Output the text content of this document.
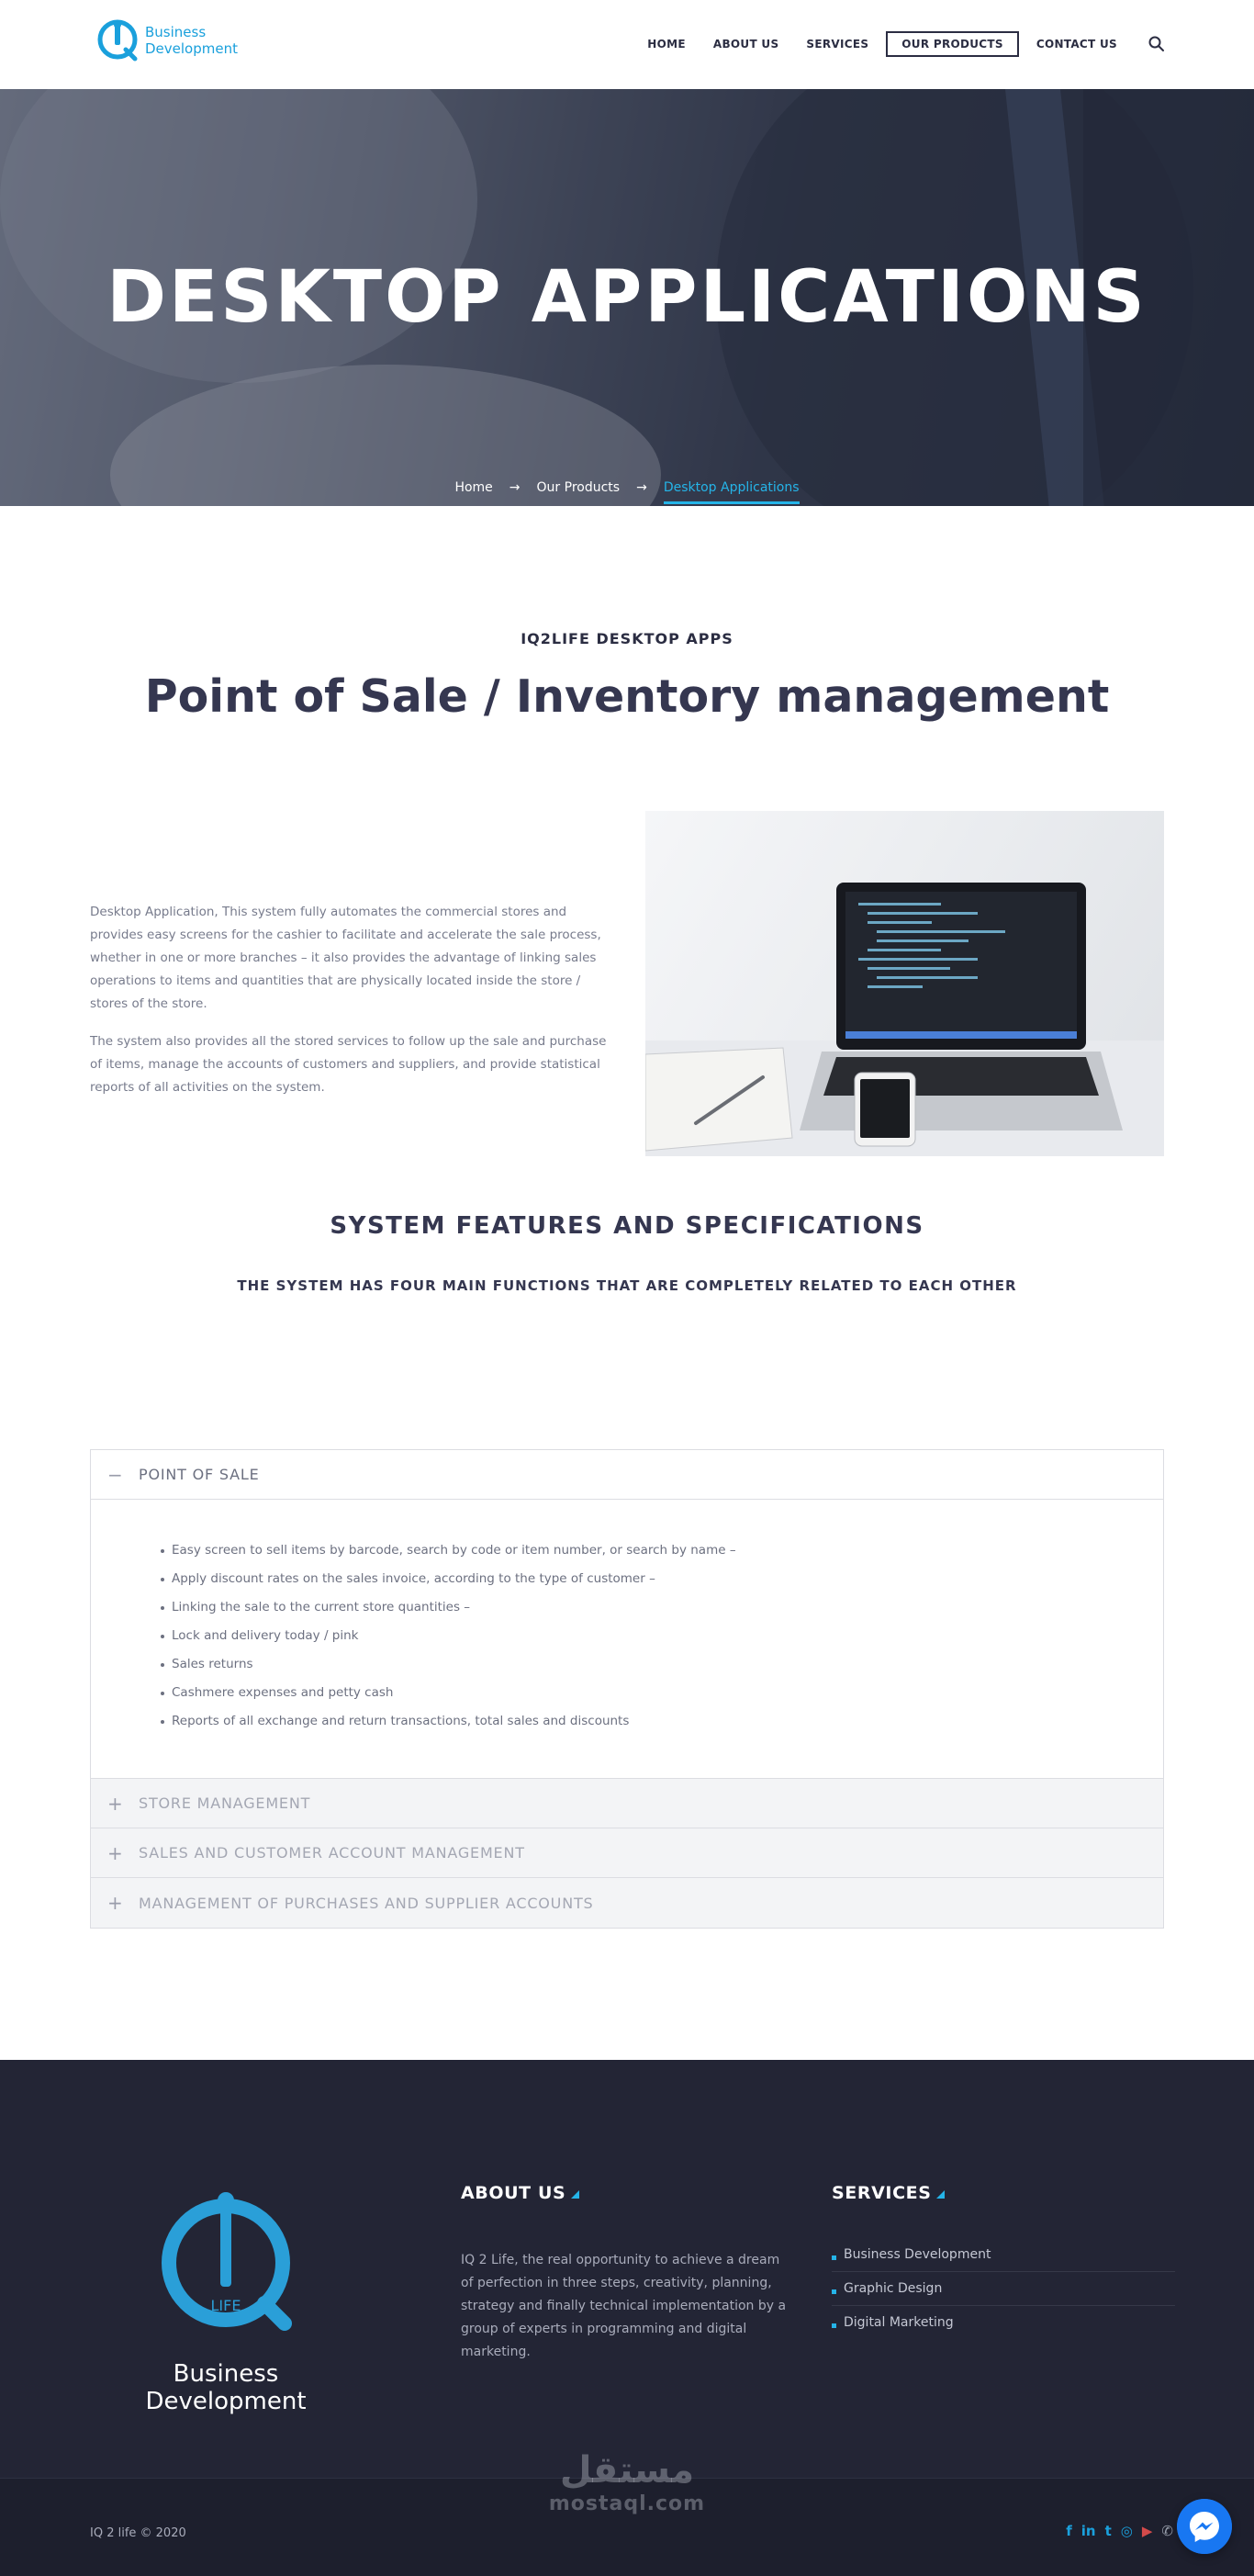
Business
Development	HOME	ABOUT US	SERVICES	OUR PRODUCTS	CONTACT US
DESKTOP APPLICATIONS
Home → Our Products → Desktop Applications
IQ2LIFE DESKTOP APPS
Point of Sale / Inventory management

Desktop Application, This system fully automates the commercial stores and provides easy screens for the cashier to facilitate and accelerate the sale process, whether in one or more branches – it also provides the advantage of linking sales operations to items and quantities that are physically located inside the store / stores of the store.

The system also provides all the stored services to follow up the sale and purchase of items, manage the accounts of customers and suppliers, and provide statistical reports of all activities on the system.

SYSTEM FEATURES AND SPECIFICATIONS
THE SYSTEM HAS FOUR MAIN FUNCTIONS THAT ARE COMPLETELY RELATED TO EACH OTHER
− POINT OF SALE
Easy screen to sell items by barcode, search by code or item number, or search by name –
Apply discount rates on the sales invoice, according to the type of customer –
Linking the sale to the current store quantities –
Lock and delivery today / pink
Sales returns
Cashmere expenses and petty cash
Reports of all exchange and return transactions, total sales and discounts
+ STORE MANAGEMENT
+ SALES AND CUSTOMER ACCOUNT MANAGEMENT
+ MANAGEMENT OF PURCHASES AND SUPPLIER ACCOUNTS
LIFE
Business Development
ABOUT US

IQ 2 Life, the real opportunity to achieve a dream of perfection in three steps, creativity, planning, strategy and finally technical implementation by a group of experts in programming and digital marketing.

SERVICES
Business Development
Graphic Design
Digital Marketing
IQ 2 life © 2020	f in t ◎ ▶ ✆
مستقل
mostaql.com
